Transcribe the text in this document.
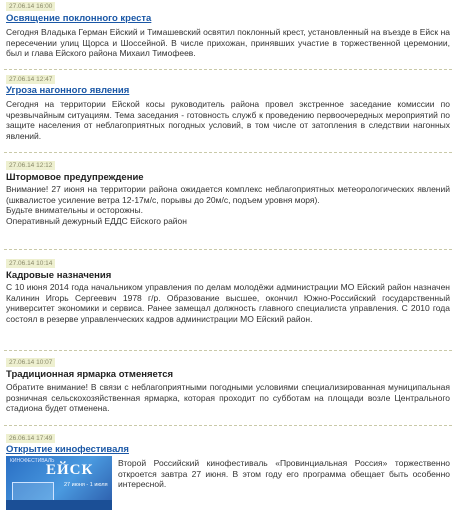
27.06.14 16:00
Освящение поклонного креста

Сегодня Владыка Герман Ейский и Тимашевский освятил поклонный крест, установленный на въезде в Ейск на пересечении улиц Щорса и Шоссейной. В числе прихожан, принявших участие в торжественной церемонии, был и глава Ейского района Михаил Тимофеев.

27.06.14 12:47
Угроза нагонного явления

Сегодня на территории Ейской косы руководитель района провел экстренное заседание комиссии по чрезвычайным ситуациям. Тема заседания - готовность служб к проведению первоочередных мероприятий по защите населения от неблагоприятных погодных условий, в том числе от затопления в следствии нагонных явлений.

27.06.14 12:12
Штормовое предупреждение

Внимание! 27 июня на территории района ожидается комплекс неблагоприятных метеорологических явлений (шквалистое усиление ветра 12-17м/с, порывы до 20м/с, подъем уровня моря).

Будьте внимательны и осторожны.

Оперативный дежурный ЕДДС Ейского район

27.06.14 10:14
Кадровые назначения

С 10 июня 2014 года начальником управления по делам молодёжи администрации МО Ейский район назначен Калинин Игорь Сергеевич 1978 г/р. Образование высшее, окончил Южно-Российский государственный университет экономики и сервиса. Ранее замещал должность главного специалиста управления. С 2010 года состоял в резерве управленческих кадров администрации МО Ейский район.

27.06.14 10:07
Традиционная ярмарка отменяется

Обратите внимание! В связи с неблагоприятными погодными условиями специализированная муниципальная розничная сельскохозяйственная ярмарка, которая проходит по субботам на площади возле Центрального стадиона будет отменена.

26.06.14 17:49
Открытие кинофестиваля
КИНОФЕСТИВАЛЬ
ЕЙСК
27 июня - 1 июля

Второй Российский кинофестиваль «Провинциальная Россия» торжественно откроется завтра 27 июня. В этом году его программа обещает быть особенно интересной.
